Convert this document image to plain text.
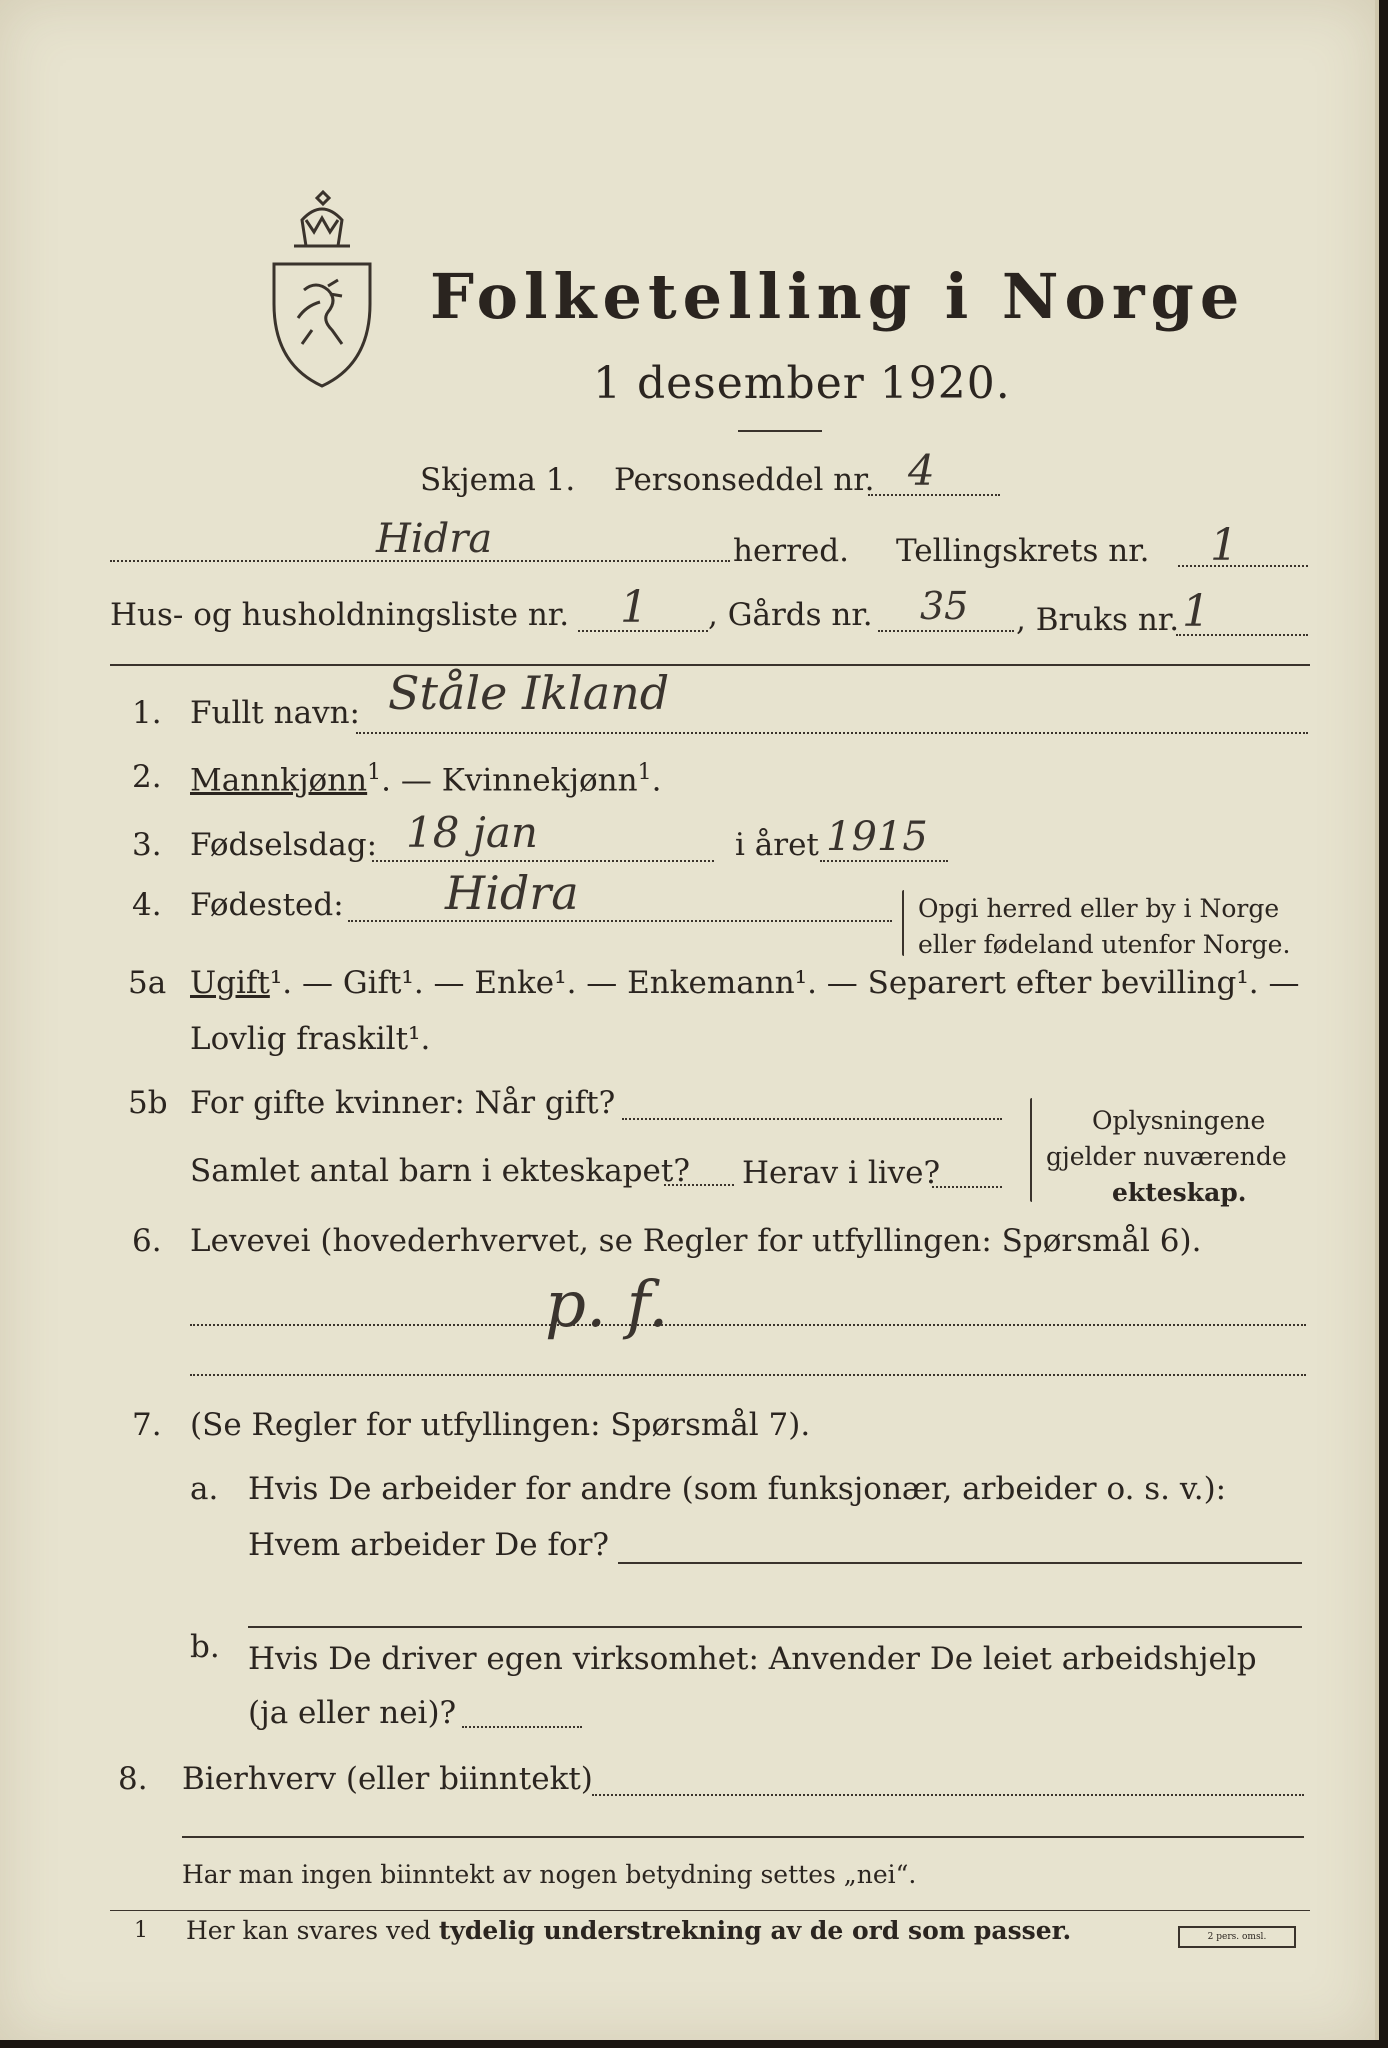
Folketelling i Norge
1 desember 1920.
Skjema 1. Personseddel nr. 4
Hidra	herred. Tellingskrets nr. 1
Hus- og husholdningsliste nr. 1 , Gårds nr. 35 , Bruks nr. 1
1. Fullt navn: Ståle Ikland
2. Mannkjønn$^1$. — Kvinnekjønn$^1$.
3. Fødselsdag: 18 jan	i året 1915
4. Fødested: Hidra	Opgi herred eller by i Norge
eller fødeland utenfor Norge.
5a Ugift¹. — Gift¹. — Enke¹. — Enkemann¹. — Separert efter bevilling¹. —
Lovlig fraskilt¹.
5b For gifte kvinner: Når gift?
Samlet antal barn i ekteskapet? Herav i live?
Oplysningene
gjelder nuværende
ekteskap.
6. Levevei (hovederhvervet, se Regler for utfyllingen: Spørsmål 6).
p. f.
7. (Se Regler for utfyllingen: Spørsmål 7).
a. Hvis De arbeider for andre (som funksjonær, arbeider o. s. v.):
Hvem arbeider De for?
b. Hvis De driver egen virksomhet: Anvender De leiet arbeidshjelp
(ja eller nei)?
8. Bierhverv (eller biinntekt)
Har man ingen biinntekt av nogen betydning settes „nei“.
1 Her kan svares ved tydelig understrekning av de ord som passer.	2 pers. omsl.
